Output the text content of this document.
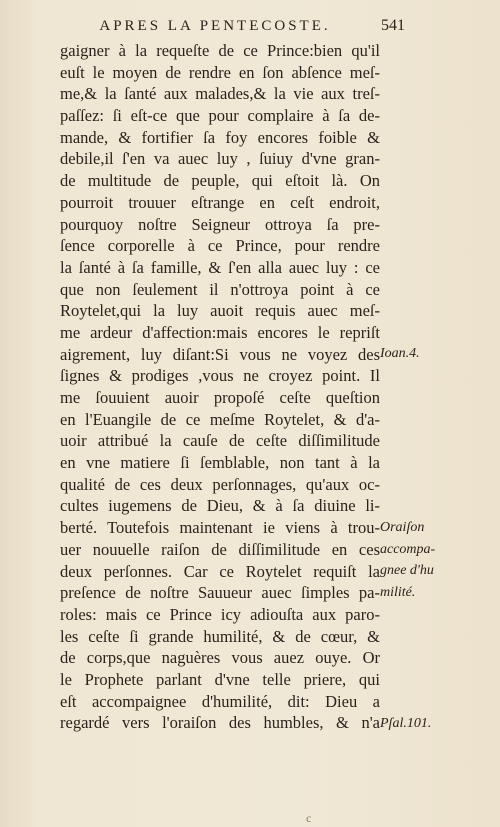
APRES LA PENTECOSTE.	541
gaigner à la requeſte de ce Prince:bien qu'il
euſt le moyen de rendre en ſon abſence meſ-
me,& la ſanté aux malades,& la vie aux treſ-
paſſez: ſi eſt-ce que pour complaire à ſa de-
mande, & fortifier ſa foy encores foible &
debile,il ſ'en va auec luy , ſuiuy d'vne gran-
de multitude de peuple, qui eſtoit là. On
pourroit trouuer eſtrange en ceſt endroit,
pourquoy noſtre Seigneur ottroya ſa pre-
ſence corporelle à ce Prince, pour rendre
la ſanté à ſa famille, & ſ'en alla auec luy : ce
que non ſeulement il n'ottroya point à ce
Roytelet,qui la luy auoit requis auec meſ-
me ardeur d'affection:mais encores le repriſt
aigrement, luy diſant:Si vous ne voyez des
ſignes & prodiges ,vous ne croyez point. Il
me ſouuient auoir propoſé ceſte queſtion
en l'Euangile de ce meſme Roytelet, & d'a-
uoir attribué la cauſe de ceſte diſſimilitude
en vne matiere ſi ſemblable, non tant à la
qualité de ces deux perſonnages, qu'aux oc-
cultes iugemens de Dieu, & à ſa diuine li-
berté. Toutefois maintenant ie viens à trou-
uer nouuelle raiſon de diſſimilitude en ces
deux perſonnes. Car ce Roytelet requiſt la
preſence de noſtre Sauueur auec ſimples pa-
roles: mais ce Prince icy adiouſta aux paro-
les ceſte ſi grande humilité, & de cœur, &
de corps,que naguères vous auez ouye. Or
le Prophete parlant d'vne telle priere, qui
eſt accompaignee d'humilité, dit: Dieu a
regardé vers l'oraiſon des humbles, & n'a
Ioan.4.
Oraiſon
accompa-
gnee d'hu
milité.
Pſal.101.
c
